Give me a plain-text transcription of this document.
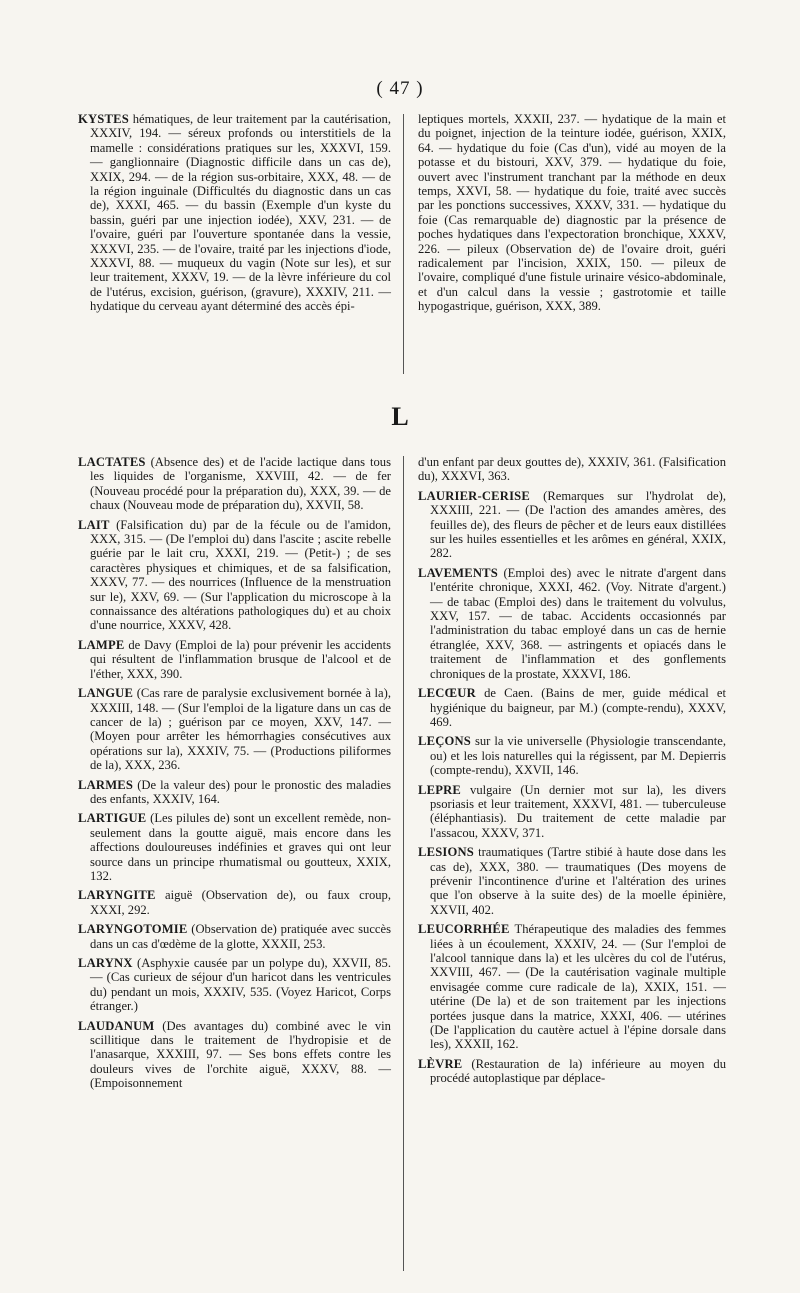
( 47 )

KYSTES hématiques, de leur traitement par la cautérisation, XXXIV, 194. — séreux profonds ou interstitiels de la mamelle : considérations pratiques sur les, XXXVI, 159. — ganglionnaire (Diagnostic difficile dans un cas de), XXIX, 294. — de la région sus-orbitaire, XXX, 48. — de la région inguinale (Difficultés du diagnostic dans un cas de), XXXI, 465. — du bassin (Exemple d'un kyste du bassin, guéri par une injection iodée), XXV, 231. — de l'ovaire, guéri par l'ouverture spontanée dans la vessie, XXXVI, 235. — de l'ovaire, traité par les injections d'iode, XXXVI, 88. — muqueux du vagin (Note sur les), et sur leur traitement, XXXV, 19. — de la lèvre inférieure du col de l'utérus, excision, guérison, (gravure), XXXIV, 211. — hydatique du cerveau ayant déterminé des accès épi-

leptiques mortels, XXXII, 237. — hydatique de la main et du poignet, injection de la teinture iodée, guérison, XXIX, 64. — hydatique du foie (Cas d'un), vidé au moyen de la potasse et du bistouri, XXV, 379. — hydatique du foie, ouvert avec l'instrument tranchant par la méthode en deux temps, XXVI, 58. — hydatique du foie, traité avec succès par les ponctions successives, XXXV, 331. — hydatique du foie (Cas remarquable de) diagnostic par la présence de poches hydatiques dans l'expectoration bronchique, XXXV, 226. — pileux (Observation de) de l'ovaire droit, guéri radicalement par l'incision, XXIX, 150. — pileux de l'ovaire, compliqué d'une fistule urinaire vésico-abdominale, et d'un calcul dans la vessie ; gastrotomie et taille hypogastrique, guérison, XXX, 389.

L

LACTATES (Absence des) et de l'acide lactique dans tous les liquides de l'organisme, XXVIII, 42. — de fer (Nouveau procédé pour la préparation du), XXX, 39. — de chaux (Nouveau mode de préparation du), XXVII, 58.

LAIT (Falsification du) par de la fécule ou de l'amidon, XXX, 315. — (De l'emploi du) dans l'ascite ; ascite rebelle guérie par le lait cru, XXXI, 219. — (Petit-) ; de ses caractères physiques et chimiques, et de sa falsification, XXXV, 77. — des nourrices (Influence de la menstruation sur le), XXV, 69. — (Sur l'application du microscope à la connaissance des altérations pathologiques du) et au choix d'une nourrice, XXXV, 428.

LAMPE de Davy (Emploi de la) pour prévenir les accidents qui résultent de l'inflammation brusque de l'alcool et de l'éther, XXX, 390.

LANGUE (Cas rare de paralysie exclusivement bornée à la), XXXIII, 148. — (Sur l'emploi de la ligature dans un cas de cancer de la) ; guérison par ce moyen, XXV, 147. — (Moyen pour arrêter les hémorrhagies consécutives aux opérations sur la), XXXIV, 75. — (Productions piliformes de la), XXX, 236.

LARMES (De la valeur des) pour le pronostic des maladies des enfants, XXXIV, 164.

LARTIGUE (Les pilules de) sont un excellent remède, non-seulement dans la goutte aiguë, mais encore dans les affections douloureuses indéfinies et graves qui ont leur source dans un principe rhumatismal ou goutteux, XXIX, 132.

LARYNGITE aiguë (Observation de), ou faux croup, XXXI, 292.

LARYNGOTOMIE (Observation de) pratiquée avec succès dans un cas d'œdème de la glotte, XXXII, 253.

LARYNX (Asphyxie causée par un polype du), XXVII, 85. — (Cas curieux de séjour d'un haricot dans les ventricules du) pendant un mois, XXXIV, 535. (Voyez Haricot, Corps étranger.)

LAUDANUM (Des avantages du) combiné avec le vin scillitique dans le traitement de l'hydropisie et de l'anasarque, XXXIII, 97. — Ses bons effets contre les douleurs vives de l'orchite aiguë, XXXV, 88. — (Empoisonnement

d'un enfant par deux gouttes de), XXXIV, 361. (Falsification du), XXXVI, 363.

LAURIER-CERISE (Remarques sur l'hydrolat de), XXXIII, 221. — (De l'action des amandes amères, des feuilles de), des fleurs de pêcher et de leurs eaux distillées sur les huiles essentielles et les arômes en général, XXIX, 282.

LAVEMENTS (Emploi des) avec le nitrate d'argent dans l'entérite chronique, XXXI, 462. (Voy. Nitrate d'argent.) — de tabac (Emploi des) dans le traitement du volvulus, XXV, 157. — de tabac. Accidents occasionnés par l'administration du tabac employé dans un cas de hernie étranglée, XXV, 368. — astringents et opiacés dans le traitement de l'inflammation et des gonflements chroniques de la prostate, XXXVI, 186.

LECŒUR de Caen. (Bains de mer, guide médical et hygiénique du baigneur, par M.) (compte-rendu), XXXV, 469.

LEÇONS sur la vie universelle (Physiologie transcendante, ou) et les lois naturelles qui la régissent, par M. Depierris (compte-rendu), XXVII, 146.

LEPRE vulgaire (Un dernier mot sur la), les divers psoriasis et leur traitement, XXXVI, 481. — tuberculeuse (éléphantiasis). Du traitement de cette maladie par l'assacou, XXXV, 371.

LESIONS traumatiques (Tartre stibié à haute dose dans les cas de), XXX, 380. — traumatiques (Des moyens de prévenir l'incontinence d'urine et l'altération des urines que l'on observe à la suite des) de la moelle épinière, XXVII, 402.

LEUCORRHÉE Thérapeutique des maladies des femmes liées à un écoulement, XXXIV, 24. — (Sur l'emploi de l'alcool tannique dans la) et les ulcères du col de l'utérus, XXVIII, 467. — (De la cautérisation vaginale multiple envisagée comme cure radicale de la), XXIX, 151. — utérine (De la) et de son traitement par les injections portées jusque dans la matrice, XXXI, 406. — utérines (De l'application du cautère actuel à l'épine dorsale dans les), XXXII, 162.

LÈVRE (Restauration de la) inférieure au moyen du procédé autoplastique par déplace-
